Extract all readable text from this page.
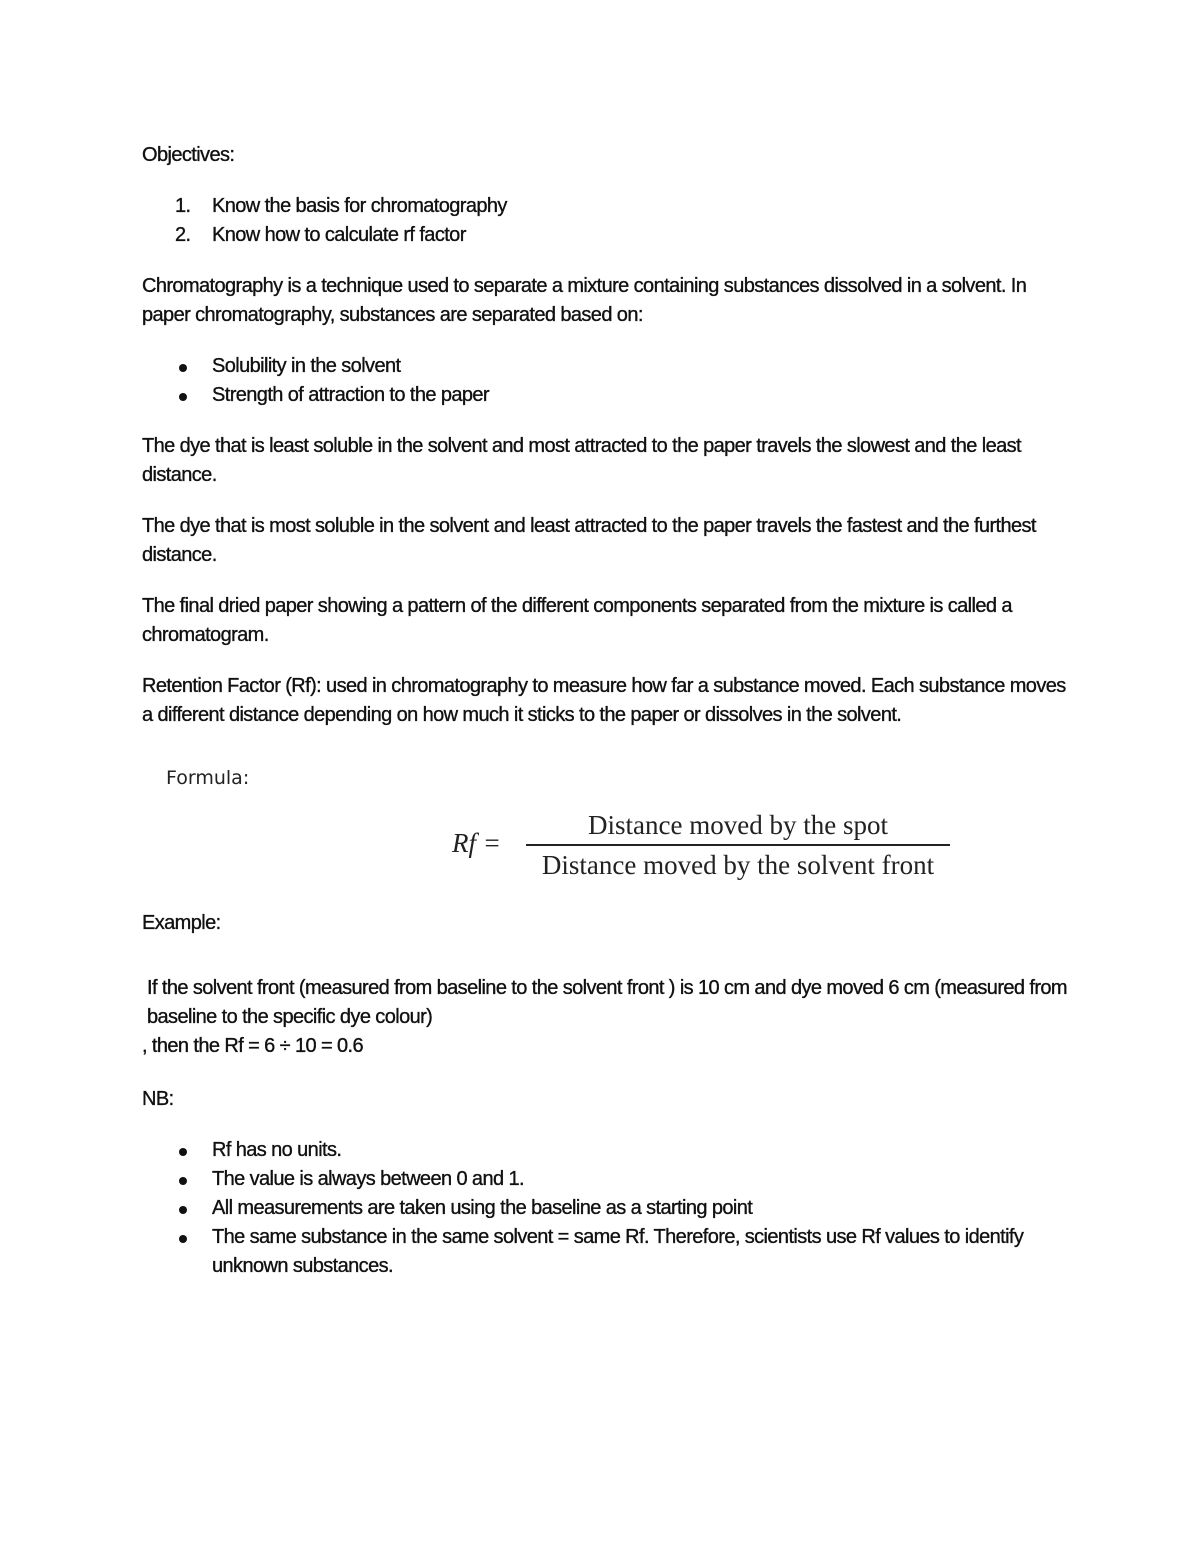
Objectives:

1.	Know the basis for chromatography
2.	Know how to calculate rf factor

Chromatography is a technique used to separate a mixture containing substances dissolved in a solvent. In paper chromatography, substances are separated based on:

Solubility in the solvent
Strength of attraction to the paper

The dye that is least soluble in the solvent and most attracted to the paper travels the slowest and the least distance.

The dye that is most soluble in the solvent and least attracted to the paper travels the fastest and the furthest distance.

The final dried paper showing a pattern of the different components separated from the mixture is called a chromatogram.

Retention Factor (Rf): used in chromatography to measure how far a substance moved. Each substance moves a different distance depending on how much it sticks to the paper or dissolves in the solvent.

Formula:

Rf =
Distance moved by the spot
Distance moved by the solvent front

Example:

If the solvent front (measured from baseline to the solvent front ) is 10 cm and dye moved 6 cm (measured from baseline to the specific dye colour)

, then the Rf = 6 ÷ 10 = 0.6

NB:

Rf has no units.
The value is always between 0 and 1.
All measurements are taken using the baseline as a starting point
The same substance in the same solvent = same Rf. Therefore, scientists use Rf values to identify unknown substances.
